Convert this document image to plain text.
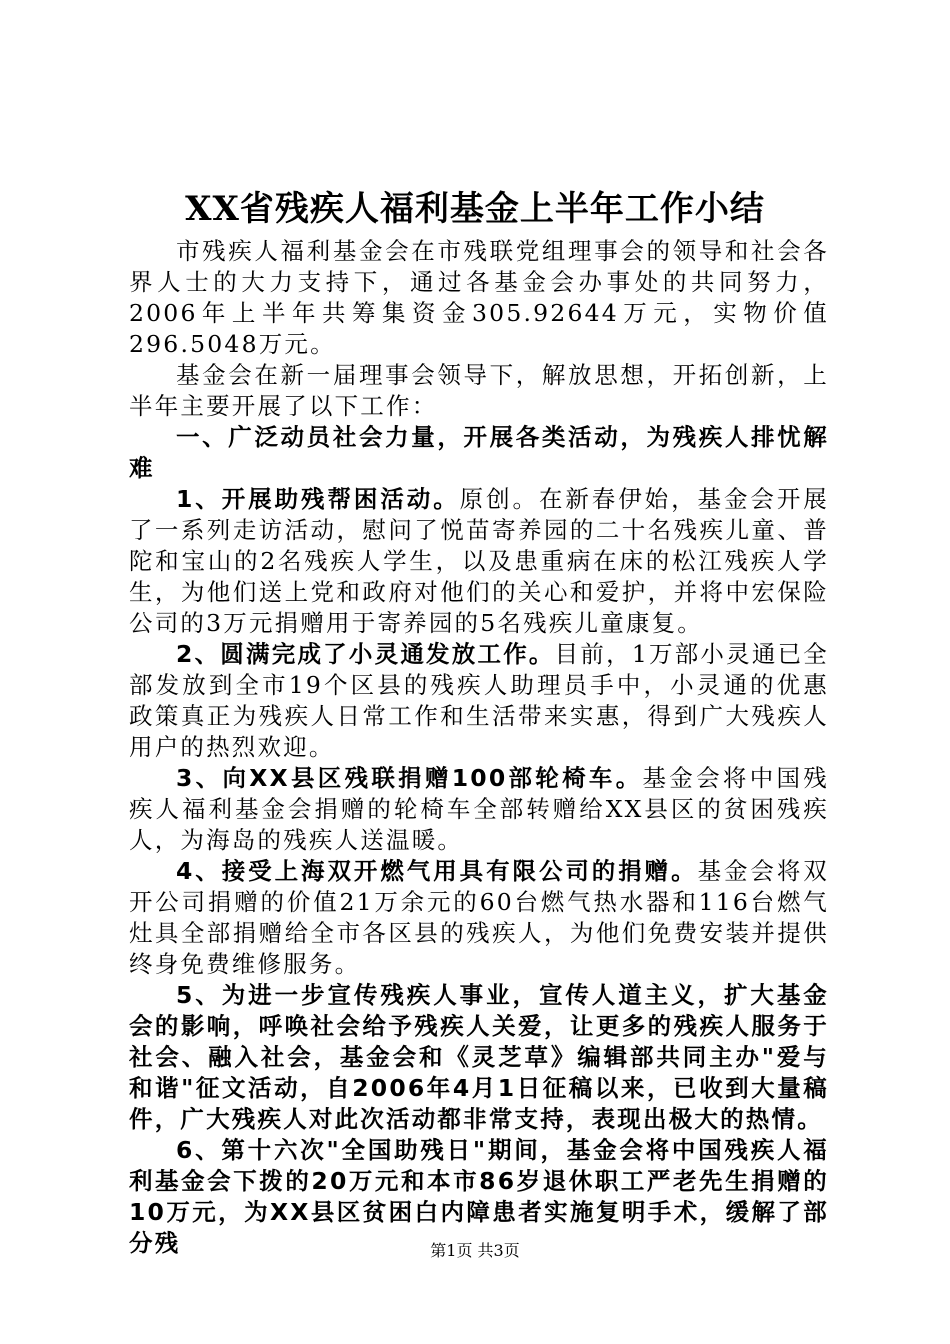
XX省残疾人福利基金上半年工作小结

市残疾人福利基金会在市残联党组理事会的领导和社会各界人士的大力支持下，通过各基金会办事处的共同努力，2006年上半年共筹集资金305.92644万元，实物价值296.5048万元。

基金会在新一届理事会领导下，解放思想，开拓创新，上半年主要开展了以下工作：

一、广泛动员社会力量，开展各类活动，为残疾人排忧解难

1、开展助残帮困活动。原创。在新春伊始，基金会开展了一系列走访活动，慰问了悦苗寄养园的二十名残疾儿童、普陀和宝山的2名残疾人学生，以及患重病在床的松江残疾人学生，为他们送上党和政府对他们的关心和爱护，并将中宏保险公司的3万元捐赠用于寄养园的5名残疾儿童康复。

2、圆满完成了小灵通发放工作。目前，1万部小灵通已全部发放到全市19个区县的残疾人助理员手中，小灵通的优惠政策真正为残疾人日常工作和生活带来实惠，得到广大残疾人用户的热烈欢迎。

3、向XX县区残联捐赠100部轮椅车。基金会将中国残疾人福利基金会捐赠的轮椅车全部转赠给XX县区的贫困残疾人，为海岛的残疾人送温暖。

4、接受上海双开燃气用具有限公司的捐赠。基金会将双开公司捐赠的价值21万余元的60台燃气热水器和116台燃气灶具全部捐赠给全市各区县的残疾人，为他们免费安装并提供终身免费维修服务。

5、为进一步宣传残疾人事业，宣传人道主义，扩大基金会的影响，呼唤社会给予残疾人关爱，让更多的残疾人服务于社会、融入社会，基金会和《灵芝草》编辑部共同主办"爱与和谐"征文活动，自2006年4月1日征稿以来，已收到大量稿件，广大残疾人对此次活动都非常支持，表现出极大的热情。

6、第十六次"全国助残日"期间，基金会将中国残疾人福利基金会下拨的20万元和本市86岁退休职工严老先生捐赠的10万元，为XX县区贫困白内障患者实施复明手术，缓解了部分残	第1页 共3页
